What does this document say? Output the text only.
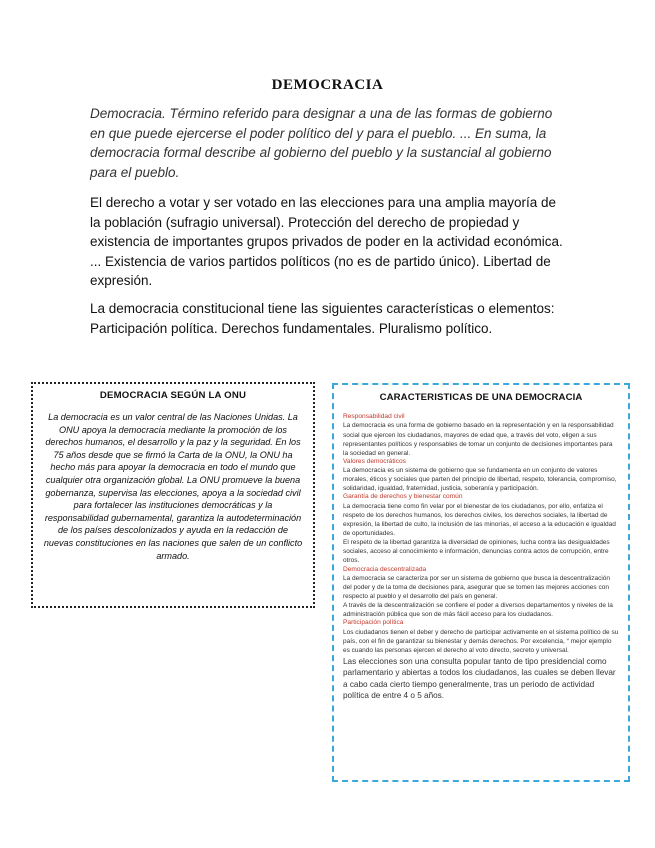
DEMOCRACIA
Democracia. Término referido para designar a una de las formas de gobierno en que puede ejercerse el poder político del y para el pueblo. ... En suma, la democracia formal describe al gobierno del pueblo y la sustancial al gobierno para el pueblo.
El derecho a votar y ser votado en las elecciones para una amplia mayoría de la población (sufragio universal). Protección del derecho de propiedad y existencia de importantes grupos privados de poder en la actividad económica. ... Existencia de varios partidos políticos (no es de partido único). Libertad de expresión.
La democracia constitucional tiene las siguientes características o elementos: Participación política. Derechos fundamentales. Pluralismo político.
DEMOCRACIA SEGÚN LA ONU
La democracia es un valor central de las Naciones Unidas. La ONU apoya la democracia mediante la promoción de los derechos humanos, el desarrollo y la paz y la seguridad. En los 75 años desde que se firmó la Carta de la ONU, la ONU ha hecho más para apoyar la democracia en todo el mundo que cualquier otra organización global. La ONU promueve la buena gobernanza, supervisa las elecciones, apoya a la sociedad civil para fortalecer las instituciones democráticas y la responsabilidad gubernamental, garantiza la autodeterminación de los países descolonizados y ayuda en la redacción de nuevas constituciones en las naciones que salen de un conflicto armado.
CARACTERISTICAS DE UNA DEMOCRACIA
Responsabilidad civil
La democracia es una forma de gobierno basado en la representación y en la responsabilidad social que ejercen los ciudadanos, mayores de edad que, a través del voto, eligen a sus representantes políticos y responsables de tomar un conjunto de decisiones importantes para la sociedad en general.
Valores democráticos
La democracia es un sistema de gobierno que se fundamenta en un conjunto de valores morales, éticos y sociales que parten del principio de libertad, respeto, tolerancia, compromiso, solidaridad, igualdad, fraternidad, justicia, soberanía y participación.
Garantía de derechos y bienestar común
La democracia tiene como fin velar por el bienestar de los ciudadanos, por ello, enfatiza el respeto de los derechos humanos, los derechos civiles, los derechos sociales, la libertad de expresión, la libertad de culto, la inclusión de las minorías, el acceso a la educación e igualdad de oportunidades.
El respeto de la libertad garantiza la diversidad de opiniones, lucha contra las desigualdades sociales, acceso al conocimiento e información, denuncias contra actos de corrupción, entre otros.
Democracia descentralizada
La democracia se caracteriza por ser un sistema de gobierno que busca la descentralización del poder y de la toma de decisiones para, asegurar que se tomen las mejores acciones con respecto al pueblo y el desarrollo del país en general.
A través de la descentralización se confiere el poder a diversos departamentos y niveles de la administración pública que son de más fácil acceso para los ciudadanos.
Participación política
Los ciudadanos tienen el deber y derecho de participar activamente en el sistema político de su país, con el fin de garantizar su bienestar y demás derechos. Por excelencia, “ mejor ejemplo es cuando las personas ejercen el derecho al voto directo, secreto y universal.
Las elecciones son una consulta popular tanto de tipo presidencial como parlamentario y abiertas a todos los ciudadanos, las cuales se deben llevar a cabo cada cierto tiempo generalmente, tras un periodo de actividad política de entre 4 o 5 años.
